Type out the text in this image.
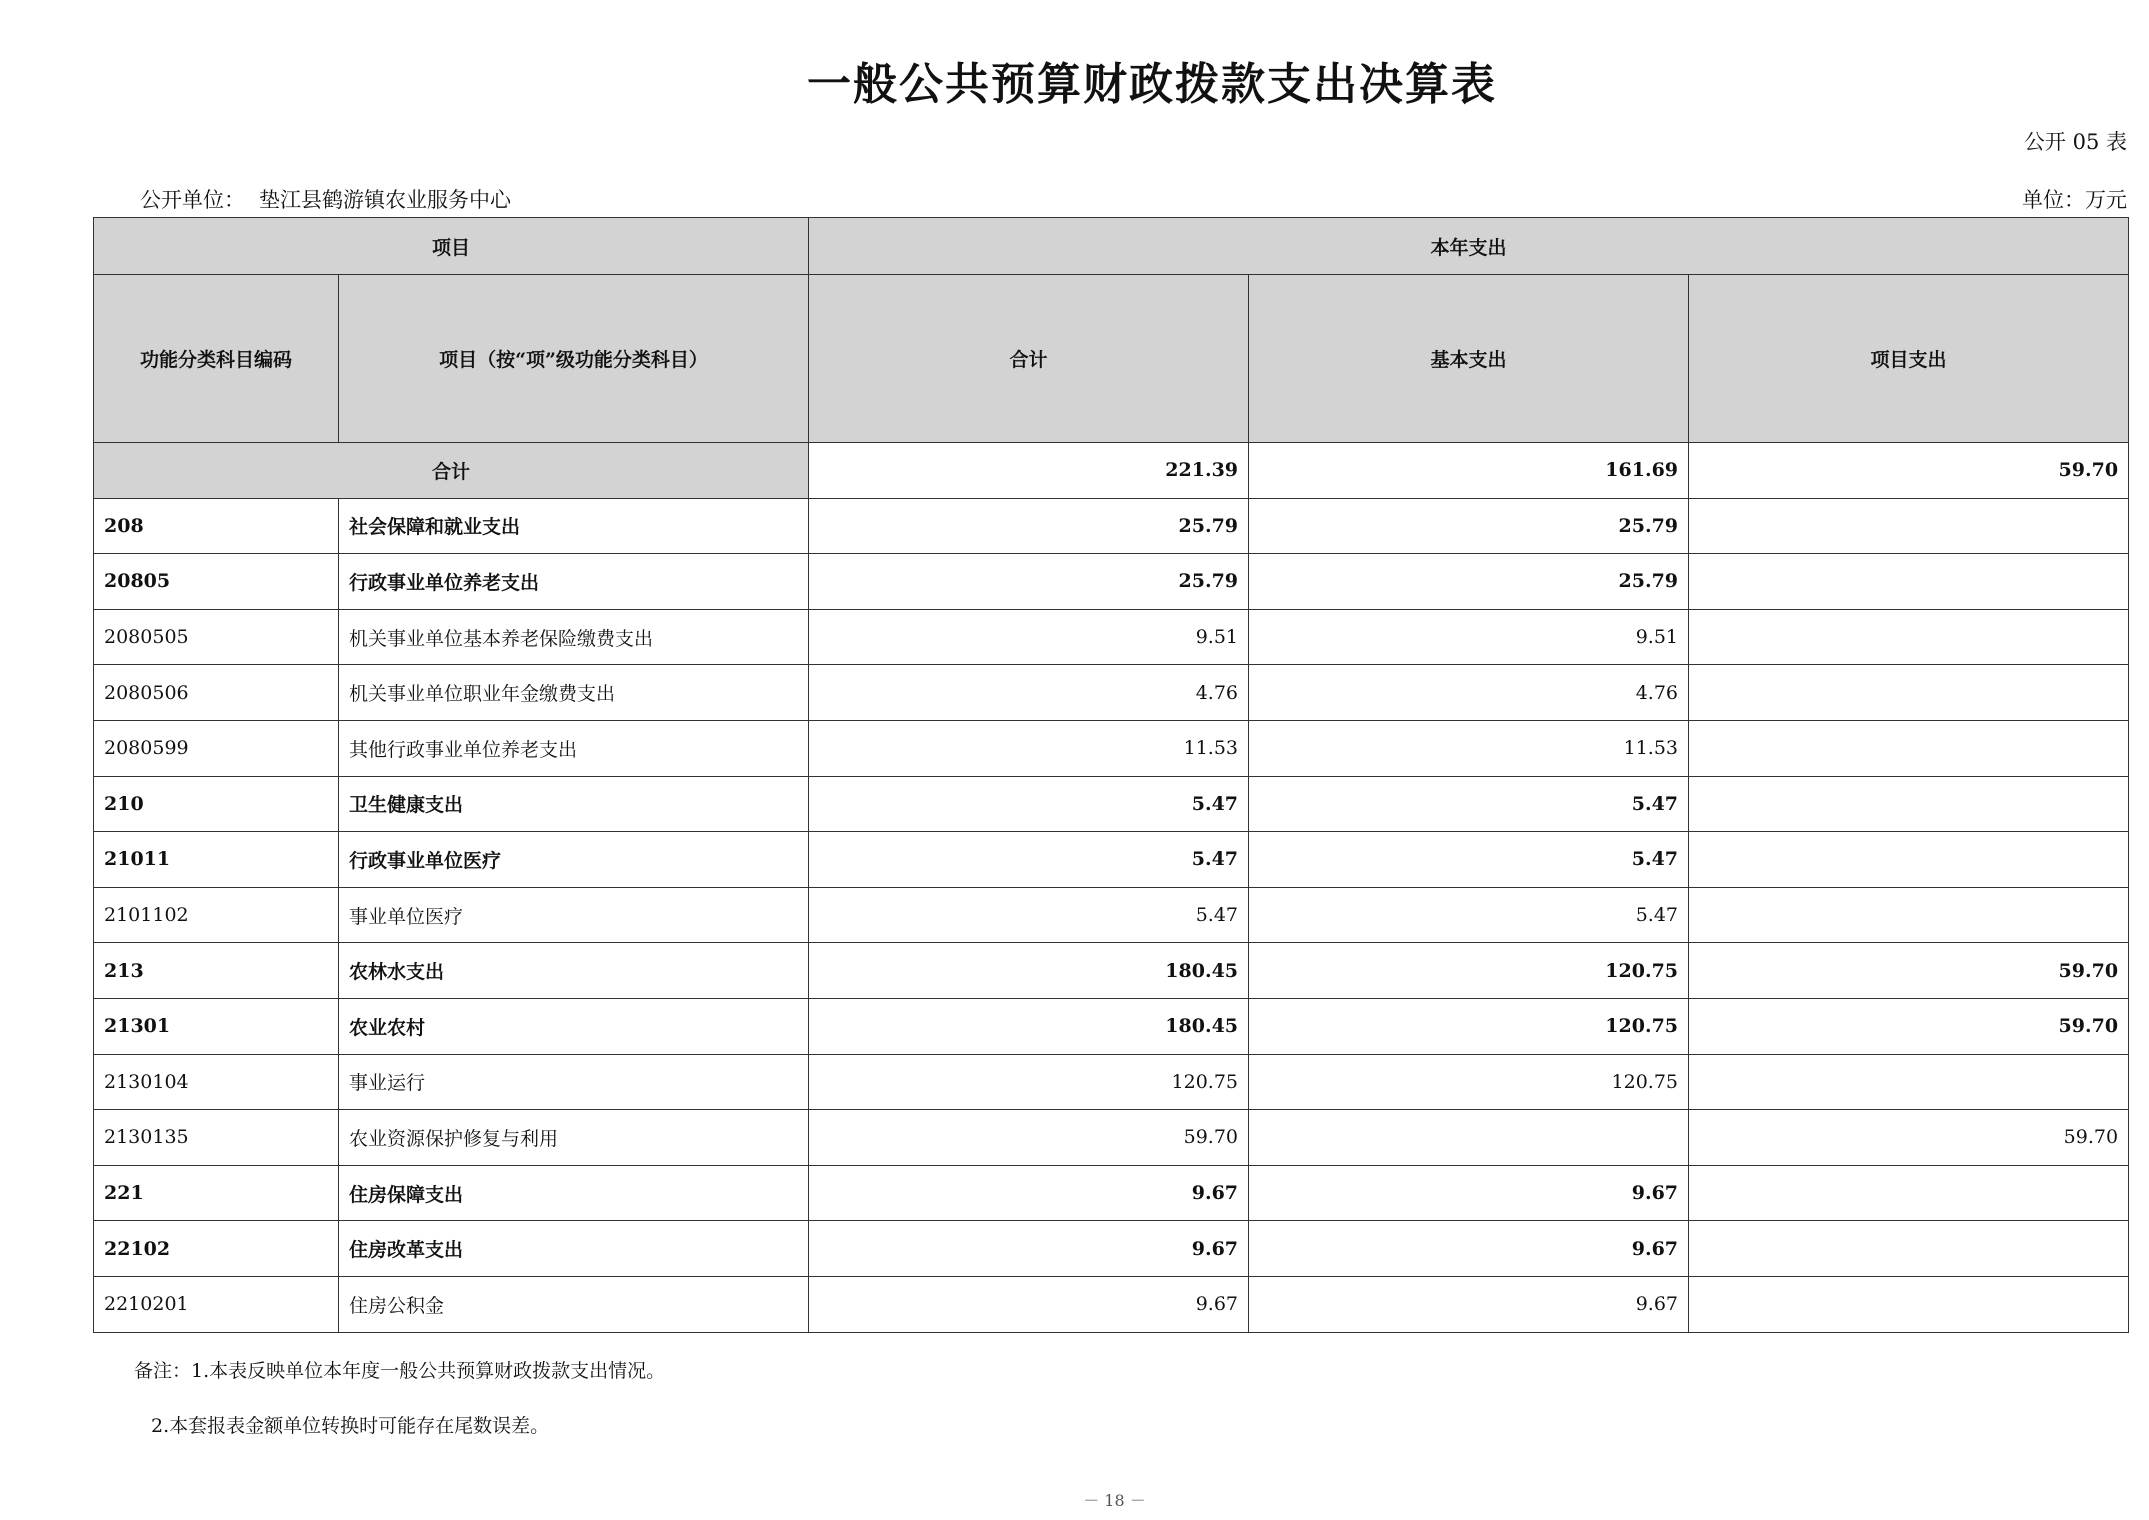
一般公共预算财政拨款支出决算表
公开 05 表
公开单位： 垫江县鹤游镇农业服务中心	单位：万元
项目		本年支出		
功能分类科目编码	项目（按“项”级功能分类科目）	合计	基本支出	项目支出
合计		221.39	161.69	59.70
208	社会保障和就业支出	25.79	25.79	
20805	行政事业单位养老支出	25.79	25.79	
2080505	机关事业单位基本养老保险缴费支出	9.51	9.51	
2080506	机关事业单位职业年金缴费支出	4.76	4.76	
2080599	其他行政事业单位养老支出	11.53	11.53	
210	卫生健康支出	5.47	5.47	
21011	行政事业单位医疗	5.47	5.47	
2101102	事业单位医疗	5.47	5.47	
213	农林水支出	180.45	120.75	59.70
21301	农业农村	180.45	120.75	59.70
2130104	事业运行	120.75	120.75	
2130135	农业资源保护修复与利用	59.70		59.70
221	住房保障支出	9.67	9.67	
22102	住房改革支出	9.67	9.67	
2210201	住房公积金	9.67	9.67	
备注：1.本表反映单位本年度一般公共预算财政拨款支出情况。
2.本套报表金额单位转换时可能存在尾数误差。
－ 18 －
